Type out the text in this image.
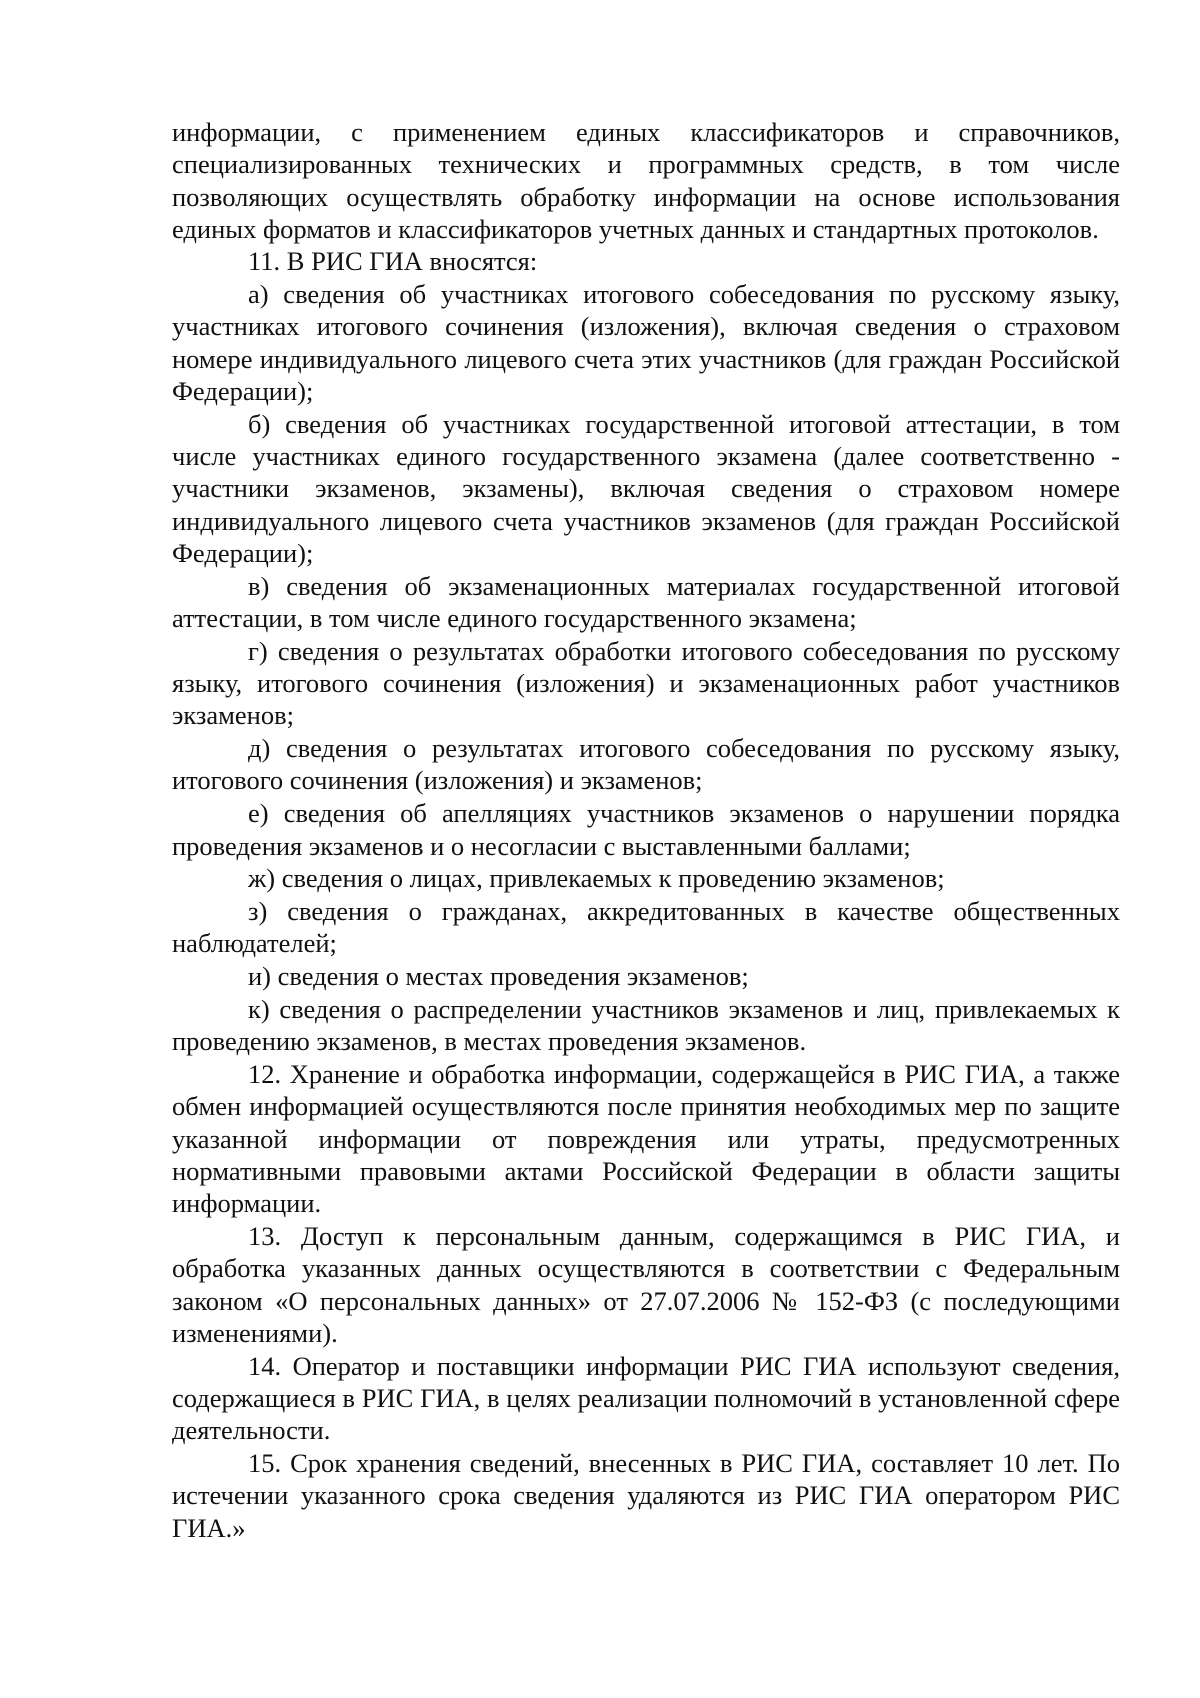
информации, с применением единых классификаторов и справочников, специализированных технических и программных средств, в том числе позволяющих осуществлять обработку информации на основе использования единых форматов и классификаторов учетных данных и стандартных протоколов.

11. В РИС ГИА вносятся:

а) сведения об участниках итогового собеседования по русскому языку, участниках итогового сочинения (изложения), включая сведения о страховом номере индивидуального лицевого счета этих участников (для граждан Российской Федерации);

б) сведения об участниках государственной итоговой аттестации, в том числе участниках единого государственного экзамена (далее соответственно - участники экзаменов, экзамены), включая сведения о страховом номере индивидуального лицевого счета участников экзаменов (для граждан Российской Федерации);

в) сведения об экзаменационных материалах государственной итоговой аттестации, в том числе единого государственного экзамена;

г) сведения о результатах обработки итогового собеседования по русскому языку, итогового сочинения (изложения) и экзаменационных работ участников экзаменов;

д) сведения о результатах итогового собеседования по русскому языку, итогового сочинения (изложения) и экзаменов;

е) сведения об апелляциях участников экзаменов о нарушении порядка проведения экзаменов и о несогласии с выставленными баллами;

ж) сведения о лицах, привлекаемых к проведению экзаменов;

з) сведения о гражданах, аккредитованных в качестве общественных наблюдателей;

и) сведения о местах проведения экзаменов;

к) сведения о распределении участников экзаменов и лиц, привлекаемых к проведению экзаменов, в местах проведения экзаменов.

12. Хранение и обработка информации, содержащейся в РИС ГИА, а также обмен информацией осуществляются после принятия необходимых мер по защите указанной информации от повреждения или утраты, предусмотренных нормативными правовыми актами Российской Федерации в области защиты информации.

13. Доступ к персональным данным, содержащимся в РИС ГИА, и обработка указанных данных осуществляются в соответствии с Федеральным законом «О персональных данных» от 27.07.2006 № 152-ФЗ (с последующими изменениями).

14. Оператор и поставщики информации РИС ГИА используют сведения, содержащиеся в РИС ГИА, в целях реализации полномочий в установленной сфере деятельности.

15. Срок хранения сведений, внесенных в РИС ГИА, составляет 10 лет. По истечении указанного срока сведения удаляются из РИС ГИА оператором РИС ГИА.»
